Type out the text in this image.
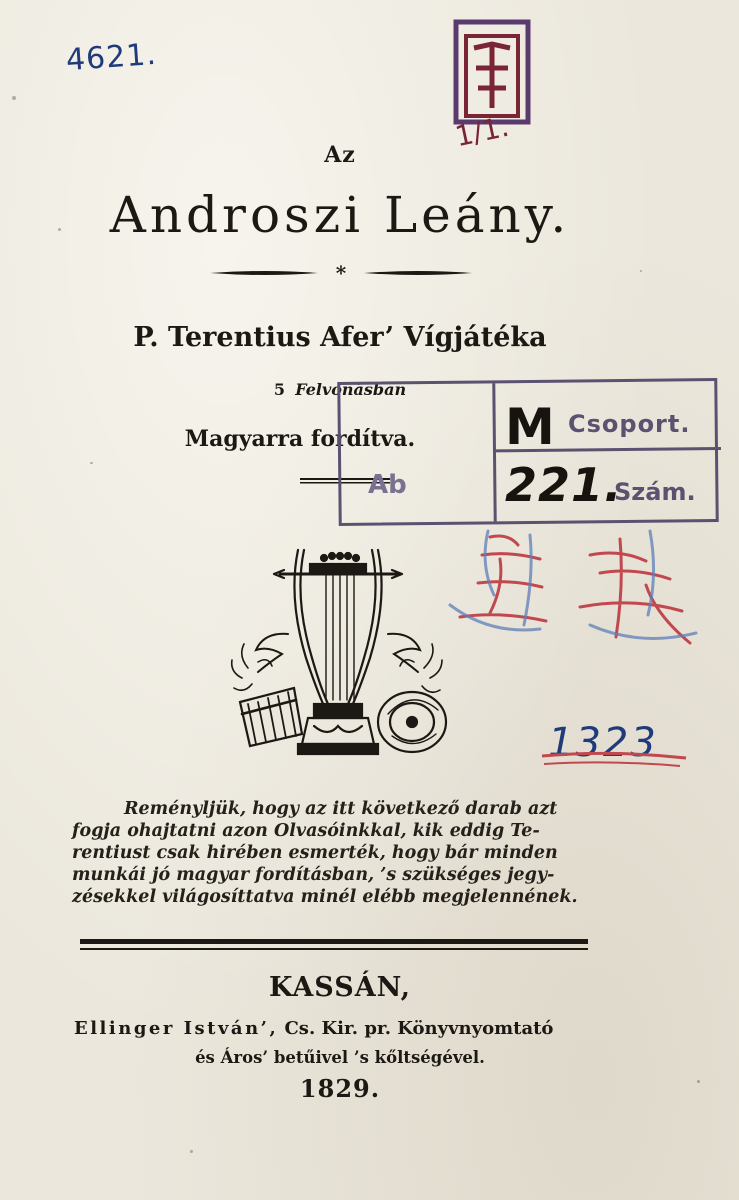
4621.
1/1.
Az
Androszi Leány.
*
P. Terentius Afer’ Vígjátéka
5 Felvonásban
Magyarra fordítva.
Ab
Csoport.
Szám.
M
221.
1323
Reményljük, hogy az itt következő darab azt
fogja ohajtatni azon Olvasóinkkal, kik eddig Te-
rentiust csak hirében esmerték, hogy bár minden
munkái jó magyar fordításban, ’s szükséges jegy-
zésekkel világosíttatva minél elébb megjelennének.
KASSÁN,
Ellinger István’, Cs. Kir. pr. Könyvnyomtató
és Áros’ betűivel ’s kőltségével.
1829.
